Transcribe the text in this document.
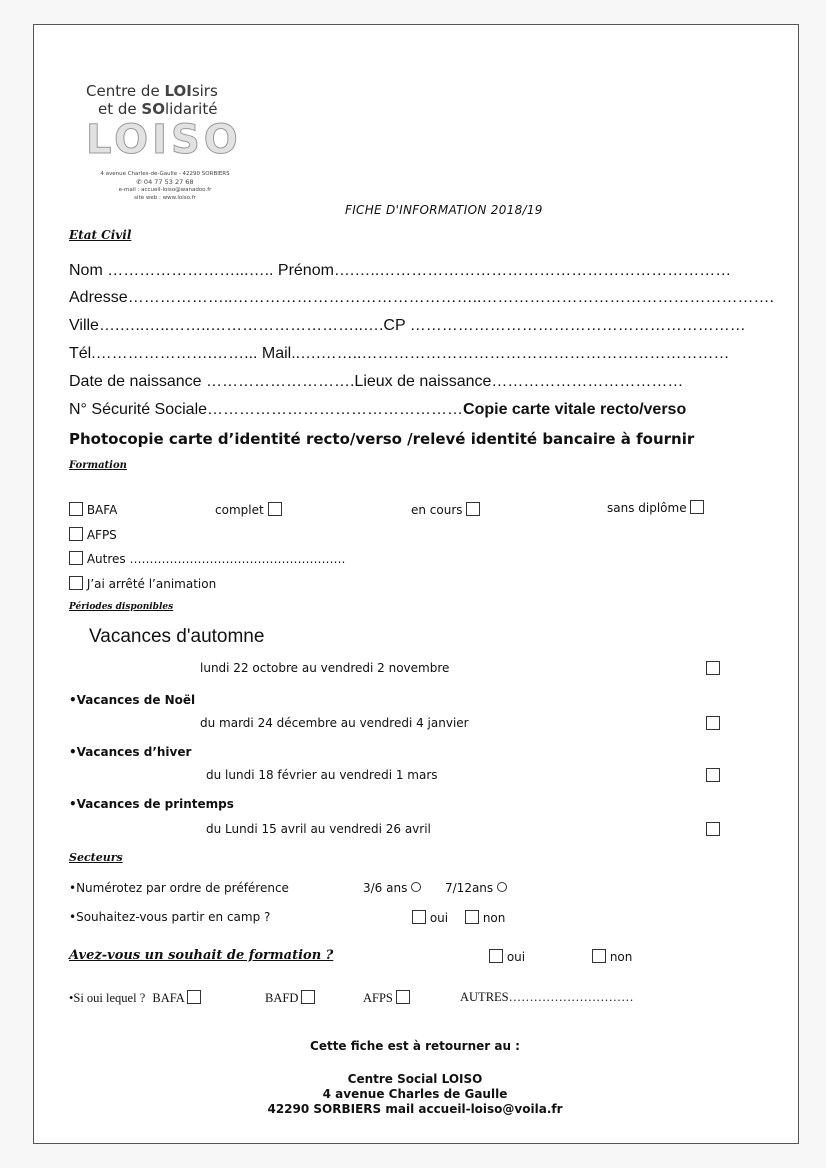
Centre de LOIsirs
et de SOlidarité
LOISO
4 avenue Charles-de-Gaulle - 42290 SORBIERS
✆ 04 77 53 27 68
e-mail : accueil-loiso@wanadoo.fr
site web : www.loiso.fr
FICHE D'INFORMATION 2018/19
Etat Civil
Nom ……………………...….. Prénom….…..…………………………………………………………
Adresse………………..………………………………………..……………………………………………….
Ville….…..…..……..………………………..….CP ………………………………………………………
Tél.………………….……... Mail..….……..……………………………………………………………
Date de naissance ……………………….Lieux de naissance………………………………
N° Sécurité Sociale…………………………………………Copie carte vitale recto/verso
Photocopie carte d’identité recto/verso /relevé identité bancaire à fournir
Formation
BAFA	complet	en cours	sans diplôme
AFPS
Autres ………………………………………………
J’ai arrêté l’animation
Périodes disponibles
Vacances d'automne
lundi 22 octobre au vendredi 2 novembre
•Vacances de Noël
du mardi 24 décembre au vendredi 4 janvier
•Vacances d’hiver
du lundi 18 février au vendredi 1 mars
•Vacances de printemps
du Lundi 15 avril au vendredi 26 avril
Secteurs
•Numérotez par ordre de préférence	3/6 ans	7/12ans
•Souhaitez-vous partir en camp ?	oui	non
Avez-vous un souhait de formation ?	oui	non
•Si oui lequel ? BAFA	BAFD	AFPS	AUTRES…………………………
Cette fiche est à retourner au :
Centre Social LOISO
4 avenue Charles de Gaulle
42290 SORBIERS mail accueil-loiso@voila.fr
